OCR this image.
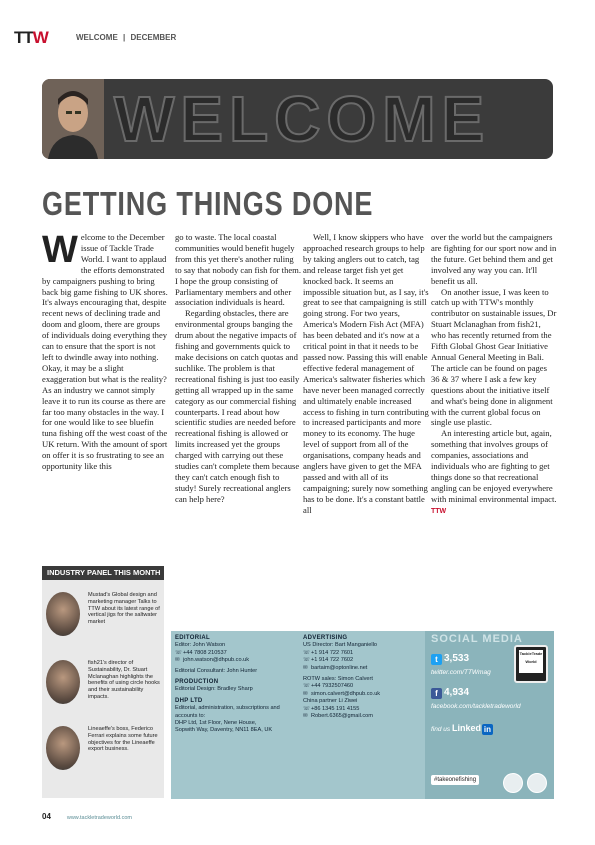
TTW	WELCOME | DECEMBER
WELCOME
GETTING THINGS DONE

Welcome to the December issue of Tackle Trade World. I want to applaud the efforts demonstrated by campaigners pushing to bring back big game fishing to UK shores. It's always encouraging that, despite recent news of declining trade and doom and gloom, there are groups of individuals doing everything they can to ensure that the sport is not left to dwindle away into nothing. Okay, it may be a slight exaggeration but what is the reality? As an industry we cannot simply leave it to run its course as there are far too many obstacles in the way. I for one would like to see bluefin tuna fishing off the west coast of the UK return. With the amount of sport on offer it is so frustrating to see an opportunity like this

go to waste. The local coastal communities would benefit hugely from this yet there's another ruling to say that nobody can fish for them. I hope the group consisting of Parliamentary members and other association individuals is heard.

Regarding obstacles, there are environmental groups banging the drum about the negative impacts of fishing and governments quick to make decisions on catch quotas and suchlike. The problem is that recreational fishing is just too easily getting all wrapped up in the same category as our commercial fishing counterparts. I read about how scientific studies are needed before recreational fishing is allowed or limits increased yet the groups charged with carrying out these studies can't complete them because they can't catch enough fish to study! Surely recreational anglers can help here?

Well, I know skippers who have approached research groups to help by taking anglers out to catch, tag and release target fish yet get knocked back. It seems an impossible situation but, as I say, it's great to see that campaigning is still going strong. For two years, America's Modern Fish Act (MFA) has been debated and it's now at a critical point in that it needs to be passed now. Passing this will enable effective federal management of America's saltwater fisheries which have never been managed correctly and ultimately enable increased access to fishing in turn contributing to increased participants and more money to its economy. The huge level of support from all of the organisations, company heads and anglers have given to get the MFA passed and with all of its campaigning; surely now something has to be done. It's a constant battle all

over the world but the campaigners are fighting for our sport now and in the future. Get behind them and get involved any way you can. It'll benefit us all.

On another issue, I was keen to catch up with TTW's monthly contributor on sustainable issues, Dr Stuart Mclanaghan from fish21, who has recently returned from the Fifth Global Ghost Gear Initiative Annual General Meeting in Bali. The article can be found on pages 36 & 37 where I ask a few key questions about the initiative itself and what's being done in alignment with the current global focus on single use plastic.

An interesting article but, again, something that involves groups of companies, associations and individuals who are fighting to get things done so that recreational angling can be enjoyed everywhere with minimal environmental impact. TTW

INDUSTRY PANEL THIS MONTH
Mustad's Global design and marketing manager Talks to TTW about its latest range of vertical jigs for the saltwater market
fish21's director of Sustainability, Dr. Stuart Mclanaghan highlights the benefits of using circle hooks and their sustainability impacts.
Lineaeffe's boss, Federico Ferrari explains some future objectives for the Lineaeffe export business.
EDITORIAL
Editor: John Watson
☏+44 7808 210537
✉ john.watson@dhpub.co.uk
Editorial Consultant: John Hunter
PRODUCTION
Editorial Design: Bradley Sharp
DHP LTD
Editorial, administration, subscriptions and
accounts to:
DHP Ltd, 1st Floor, Nene House,
Sopwith Way, Daventry, NN11 8EA, UK
ADVERTISING
US Director: Bart Manganiello
☏+1 914 722 7601
☏+1 914 722 7602
✉ bartaim@optonline.net
ROTW sales: Simon Calvert
☏+44 7932507460
✉ simon.calvert@dhpub.co.uk
China partner Li Ziwei
☏+86 1345 191 4155
✉ Robert.6365@gmail.com
SOCIAL MEDIA
TackleTrade World
t 3,533
twitter.com/TTWmag
f 4,934
facebook.com/tackletradeworld
find us Linked in
#takeonefishing
04	www.tackletradeworld.com
